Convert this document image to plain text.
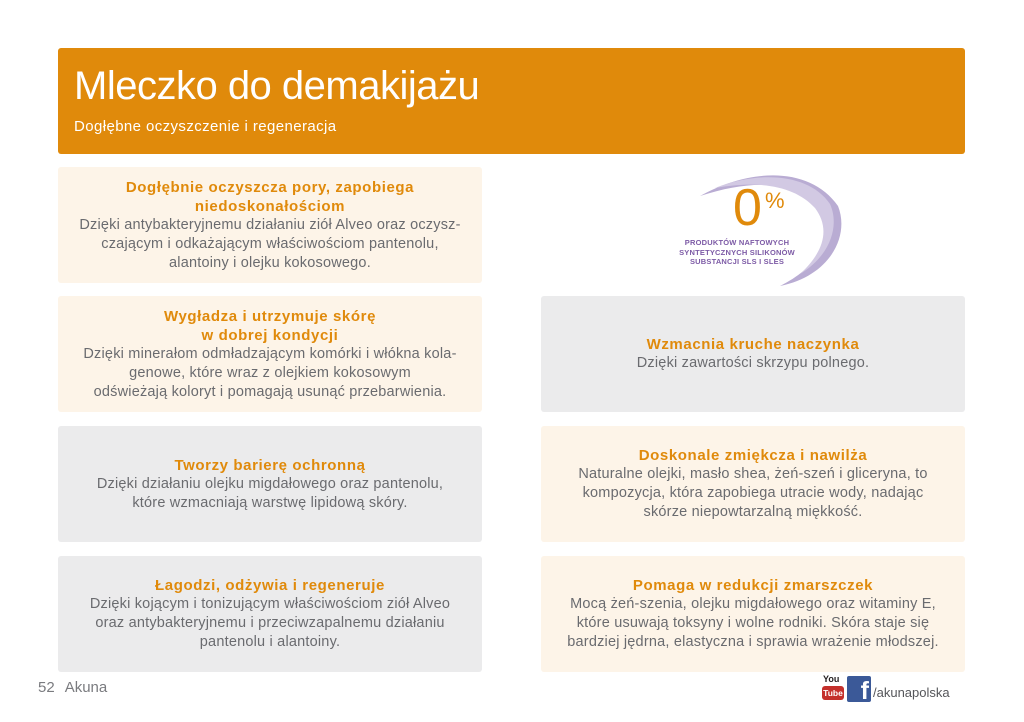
Mleczko do demakijażu
Dogłębne oczyszczenie i regeneracja
Dogłębnie oczyszcza pory, zapobiega
niedoskonałościom
Dzięki antybakteryjnemu działaniu ziół Alveo oraz oczysz-
czającym i odkażającym właściwościom pantenolu,
alantoiny i olejku kokosowego.
0 %
PRODUKTÓW NAFTOWYCH
SYNTETYCZNYCH SILIKONÓW
SUBSTANCJI SLS I SLES
Wygładza i utrzymuje skórę
w dobrej kondycji
Dzięki minerałom odmładzającym komórki i włókna kola-
genowe, które wraz z olejkiem kokosowym
odświeżają koloryt i pomagają usunąć przebarwienia.
Wzmacnia kruche naczynka
Dzięki zawartości skrzypu polnego.
Tworzy barierę ochronną
Dzięki działaniu olejku migdałowego oraz pantenolu,
które wzmacniają warstwę lipidową skóry.
Doskonale zmiękcza i nawilża
Naturalne olejki, masło shea, żeń-szeń i gliceryna, to
kompozycja, która zapobiega utracie wody, nadając
skórze niepowtarzalną miękkość.
Łagodzi, odżywia i regeneruje
Dzięki kojącym i tonizującym właściwościom ziół Alveo
oraz antybakteryjnemu i przeciwzapalnemu działaniu
pantenolu i alantoiny.
Pomaga w redukcji zmarszczek
Mocą żeń-szenia, olejku migdałowego oraz witaminy E,
które usuwają toksyny i wolne rodniki. Skóra staje się
bardziej jędrna, elastyczna i sprawia wrażenie młodszej.
52 Akuna	You
Tube f /akunapolska
